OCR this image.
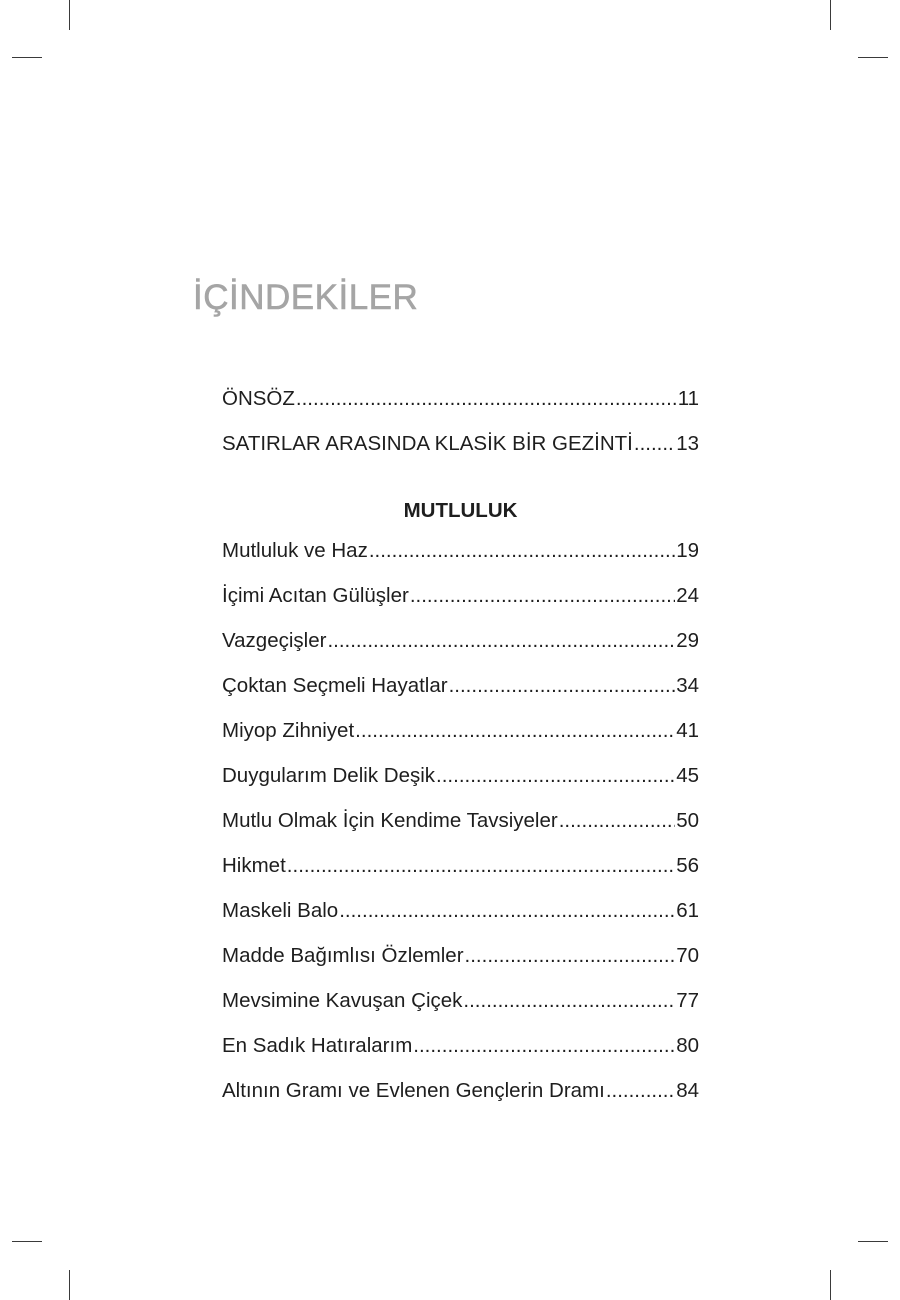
İÇİNDEKİLER
ÖNSÖZ .....	11
SATIRLAR ARASINDA KLASİK BİR GEZİNTİ ..... 13
MUTLULUK
Mutluluk ve Haz .....	19
İçimi Acıtan Gülüşler .....	24
Vazgeçişler .....	29
Çoktan Seçmeli Hayatlar .....	34
Miyop Zihniyet .....	41
Duygularım Delik Deşik .....	45
Mutlu Olmak İçin Kendime Tavsiyeler .....	50
Hikmet .....	56
Maskeli Balo .....	61
Madde Bağımlısı Özlemler .....	70
Mevsimine Kavuşan Çiçek .....	77
En Sadık Hatıralarım .....	80
Altının Gramı ve Evlenen Gençlerin Dramı .....	84
